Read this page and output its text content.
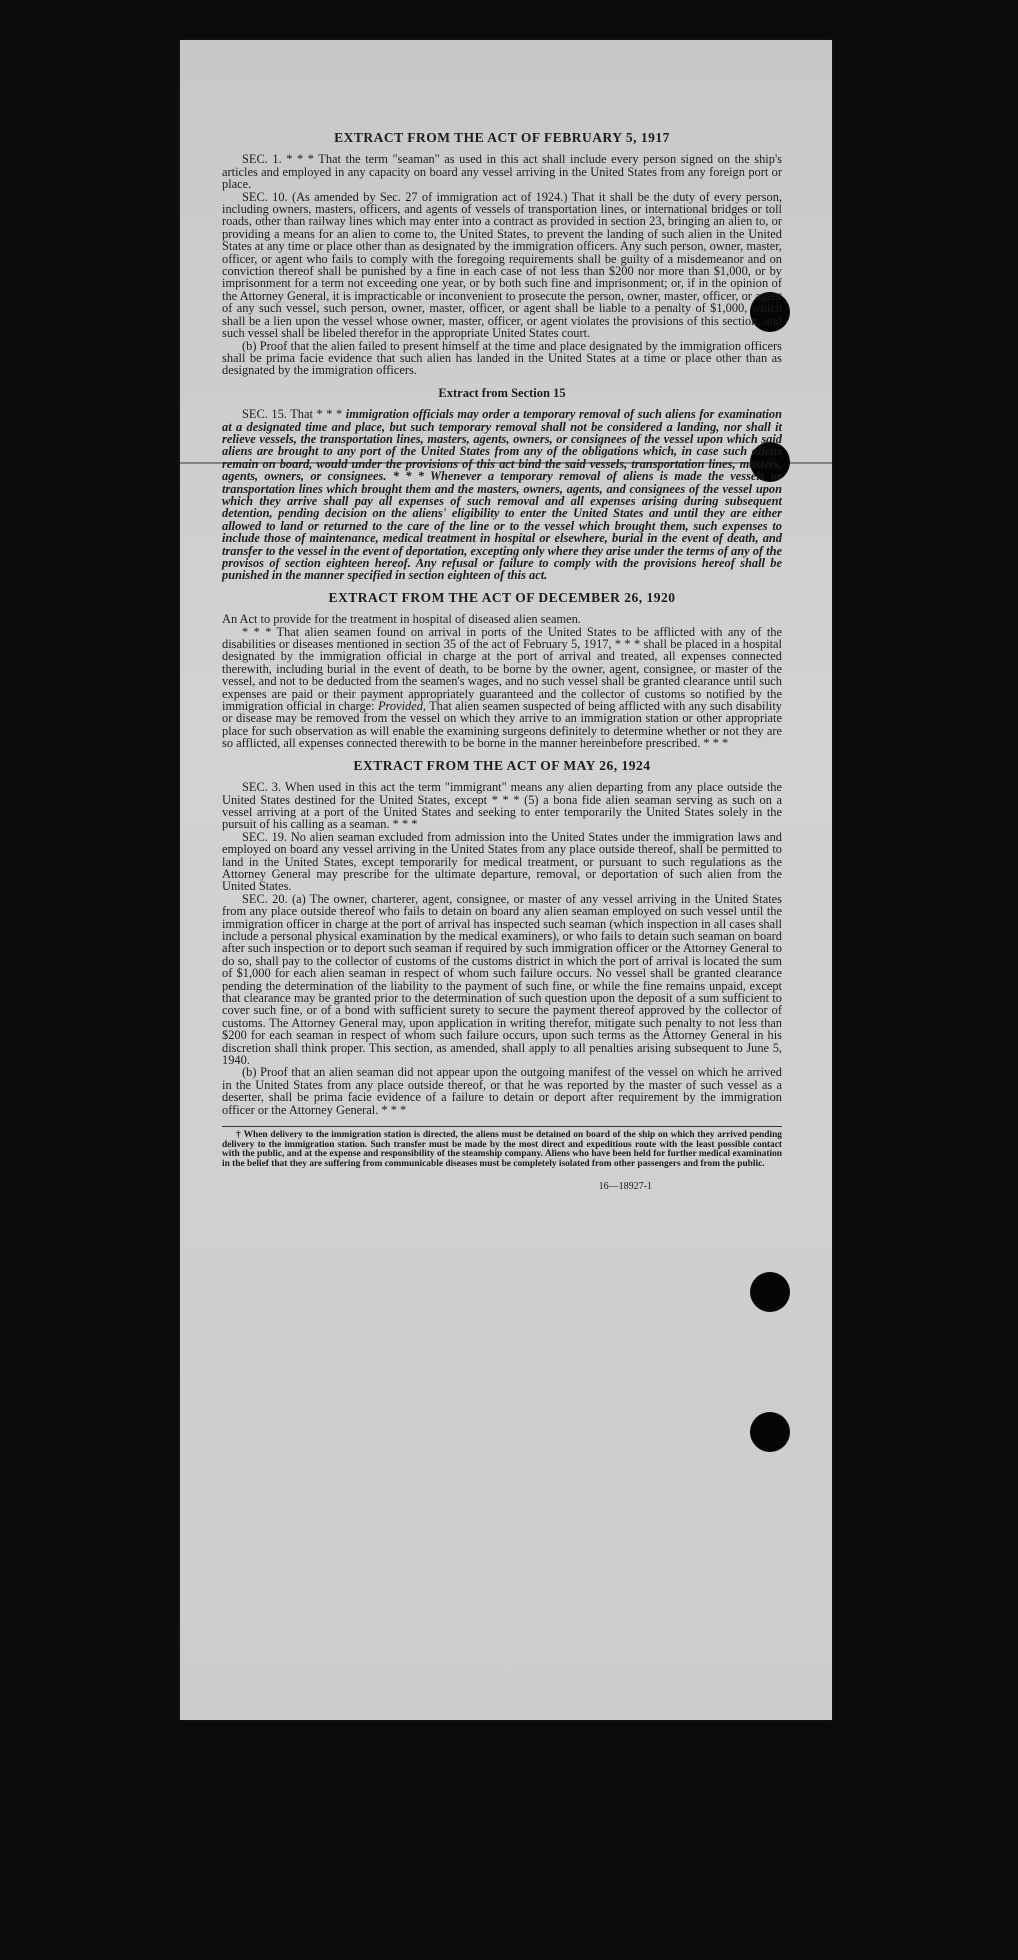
EXTRACT FROM THE ACT OF FEBRUARY 5, 1917

SEC. 1. * * * That the term "seaman" as used in this act shall include every person signed on the ship's articles and employed in any capacity on board any vessel arriving in the United States from any foreign port or place.

SEC. 10. (As amended by Sec. 27 of immigration act of 1924.) That it shall be the duty of every person, including owners, masters, officers, and agents of vessels of transportation lines, or international bridges or toll roads, other than railway lines which may enter into a contract as provided in section 23, bringing an alien to, or providing a means for an alien to come to, the United States, to prevent the landing of such alien in the United States at any time or place other than as designated by the immigration officers. Any such person, owner, master, officer, or agent who fails to comply with the foregoing requirements shall be guilty of a misdemeanor and on conviction thereof shall be punished by a fine in each case of not less than $200 nor more than $1,000, or by imprisonment for a term not exceeding one year, or by both such fine and imprisonment; or, if in the opinion of the Attorney General, it is impracticable or inconvenient to prosecute the person, owner, master, officer, or agent of any such vessel, such person, owner, master, officer, or agent shall be liable to a penalty of $1,000, which shall be a lien upon the vessel whose owner, master, officer, or agent violates the provisions of this section, and such vessel shall be libeled therefor in the appropriate United States court.

(b) Proof that the alien failed to present himself at the time and place designated by the immigration officers shall be prima facie evidence that such alien has landed in the United States at a time or place other than as designated by the immigration officers.

Extract from Section 15

SEC. 15. That * * * immigration officials may order a temporary removal of such aliens for examination at a designated time and place, but such temporary removal shall not be considered a landing, nor shall it relieve vessels, the transportation lines, masters, agents, owners, or consignees of the vessel upon which said aliens are brought to any port of the United States from any of the obligations which, in case such aliens remain on board, would under the provisions of this act bind the said vessels, transportation lines, masters, agents, owners, or consignees. * * * Whenever a temporary removal of aliens is made the vessels or transportation lines which brought them and the masters, owners, agents, and consignees of the vessel upon which they arrive shall pay all expenses of such removal and all expenses arising during subsequent detention, pending decision on the aliens' eligibility to enter the United States and until they are either allowed to land or returned to the care of the line or to the vessel which brought them, such expenses to include those of maintenance, medical treatment in hospital or elsewhere, burial in the event of death, and transfer to the vessel in the event of deportation, excepting only where they arise under the terms of any of the provisos of section eighteen hereof. Any refusal or failure to comply with the provisions hereof shall be punished in the manner specified in section eighteen of this act.

EXTRACT FROM THE ACT OF DECEMBER 26, 1920

An Act to provide for the treatment in hospital of diseased alien seamen.

* * * That alien seamen found on arrival in ports of the United States to be afflicted with any of the disabilities or diseases mentioned in section 35 of the act of February 5, 1917, * * * shall be placed in a hospital designated by the immigration official in charge at the port of arrival and treated, all expenses connected therewith, including burial in the event of death, to be borne by the owner, agent, consignee, or master of the vessel, and not to be deducted from the seamen's wages, and no such vessel shall be granted clearance until such expenses are paid or their payment appropriately guaranteed and the collector of customs so notified by the immigration official in charge: Provided, That alien seamen suspected of being afflicted with any such disability or disease may be removed from the vessel on which they arrive to an immigration station or other appropriate place for such observation as will enable the examining surgeons definitely to determine whether or not they are so afflicted, all expenses connected therewith to be borne in the manner hereinbefore prescribed. * * *

EXTRACT FROM THE ACT OF MAY 26, 1924

SEC. 3. When used in this act the term "immigrant" means any alien departing from any place outside the United States destined for the United States, except * * * (5) a bona fide alien seaman serving as such on a vessel arriving at a port of the United States and seeking to enter temporarily the United States solely in the pursuit of his calling as a seaman. * * *

SEC. 19. No alien seaman excluded from admission into the United States under the immigration laws and employed on board any vessel arriving in the United States from any place outside thereof, shall be permitted to land in the United States, except temporarily for medical treatment, or pursuant to such regulations as the Attorney General may prescribe for the ultimate departure, removal, or deportation of such alien from the United States.

SEC. 20. (a) The owner, charterer, agent, consignee, or master of any vessel arriving in the United States from any place outside thereof who fails to detain on board any alien seaman employed on such vessel until the immigration officer in charge at the port of arrival has inspected such seaman (which inspection in all cases shall include a personal physical examination by the medical examiners), or who fails to detain such seaman on board after such inspection or to deport such seaman if required by such immigration officer or the Attorney General to do so, shall pay to the collector of customs of the customs district in which the port of arrival is located the sum of $1,000 for each alien seaman in respect of whom such failure occurs. No vessel shall be granted clearance pending the determination of the liability to the payment of such fine, or while the fine remains unpaid, except that clearance may be granted prior to the determination of such question upon the deposit of a sum sufficient to cover such fine, or of a bond with sufficient surety to secure the payment thereof approved by the collector of customs. The Attorney General may, upon application in writing therefor, mitigate such penalty to not less than $200 for each seaman in respect of whom such failure occurs, upon such terms as the Attorney General in his discretion shall think proper. This section, as amended, shall apply to all penalties arising subsequent to June 5, 1940.

(b) Proof that an alien seaman did not appear upon the outgoing manifest of the vessel on which he arrived in the United States from any place outside thereof, or that he was reported by the master of such vessel as a deserter, shall be prima facie evidence of a failure to detain or deport after requirement by the immigration officer or the Attorney General. * * *

† When delivery to the immigration station is directed, the aliens must be detained on board of the ship on which they arrived pending delivery to the immigration station. Such transfer must be made by the most direct and expeditious route with the least possible contact with the public, and at the expense and responsibility of the steamship company. Aliens who have been held for further medical examination in the belief that they are suffering from communicable diseases must be completely isolated from other passengers and from the public.

16—18927-1
